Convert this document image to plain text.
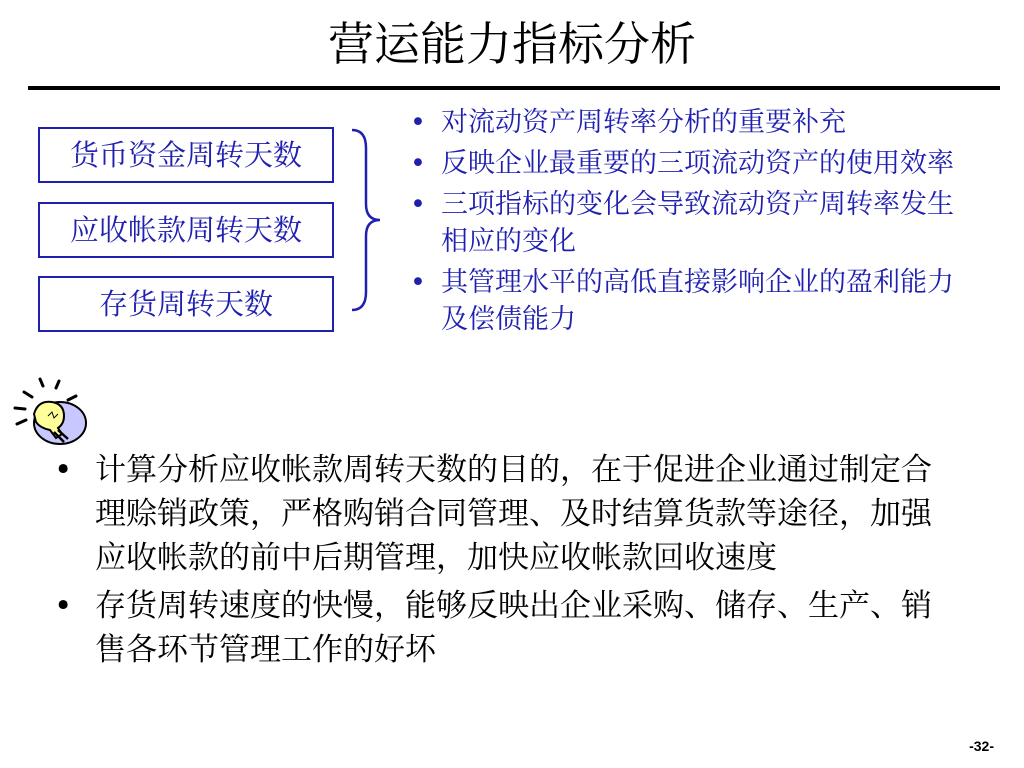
营运能力指标分析
货币资金周转天数
应收帐款周转天数
存货周转天数
• 对流动资产周转率分析的重要补充
• 反映企业最重要的三项流动资产的使用效率
• 三项指标的变化会导致流动资产周转率发生相应的变化
• 其管理水平的高低直接影响企业的盈利能力及偿债能力
• 计算分析应收帐款周转天数的目的，在于促进企业通过制定合理赊销政策，严格购销合同管理、及时结算货款等途径，加强应收帐款的前中后期管理，加快应收帐款回收速度
• 存货周转速度的快慢，能够反映出企业采购、储存、生产、销售各环节管理工作的好坏
-32-
